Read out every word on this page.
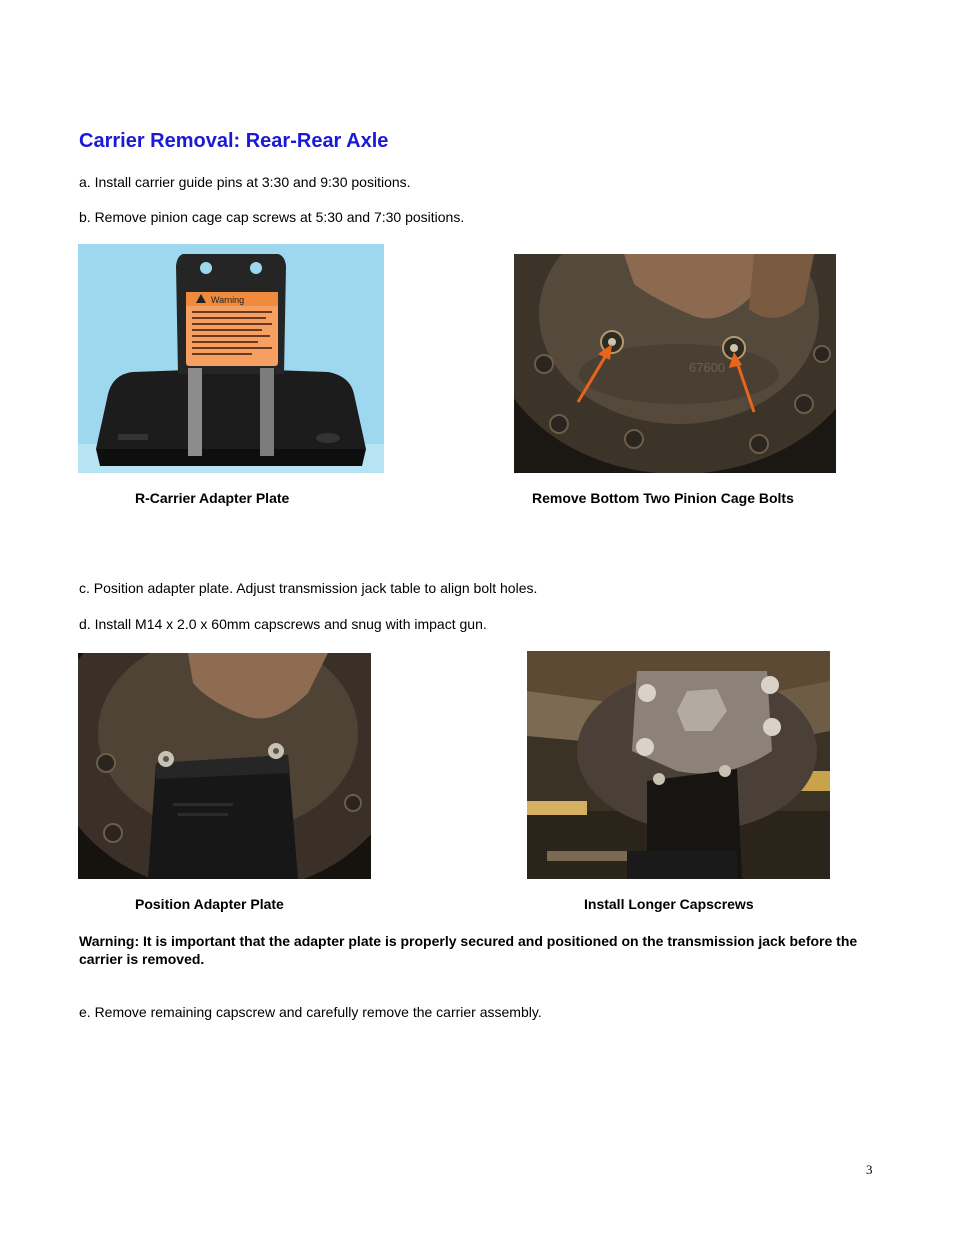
Carrier Removal: Rear-Rear Axle
a. Install carrier guide pins at 3:30 and 9:30 positions.
b. Remove pinion cage cap screws at 5:30 and 7:30 positions.
Warning
67600
R-Carrier Adapter Plate	Remove Bottom Two Pinion Cage Bolts
c. Position adapter plate. Adjust transmission jack table to align bolt holes.
d. Install M14 x 2.0 x 60mm capscrews and snug with impact gun.
Position Adapter Plate	Install Longer Capscrews
Warning: It is important that the adapter plate is properly secured and positioned on the transmission jack before the carrier is removed.
e. Remove remaining capscrew and carefully remove the carrier assembly.
3
